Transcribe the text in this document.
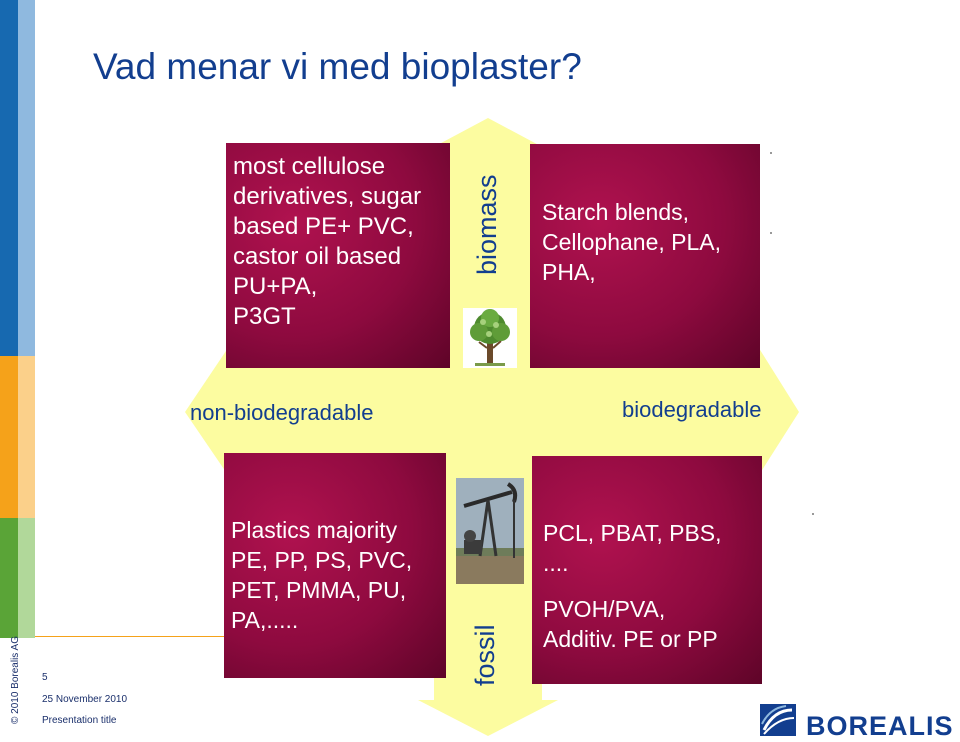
Vad menar vi med bioplaster?
most cellulose
derivatives, sugar
based PE+ PVC,
castor oil based
PU+PA,
P3GT
Starch blends,
Cellophane, PLA,
PHA,
Plastics majority
PE, PP, PS, PVC,
PET, PMMA, PU,
PA,.....
PCL, PBAT, PBS,
....
PVOH/PVA,
Additiv. PE or PP
biomass
fossil
non-biodegradable	biodegradable
© 2010 Borealis AG 5
25 November 2010
Presentation title	BOREALIS
